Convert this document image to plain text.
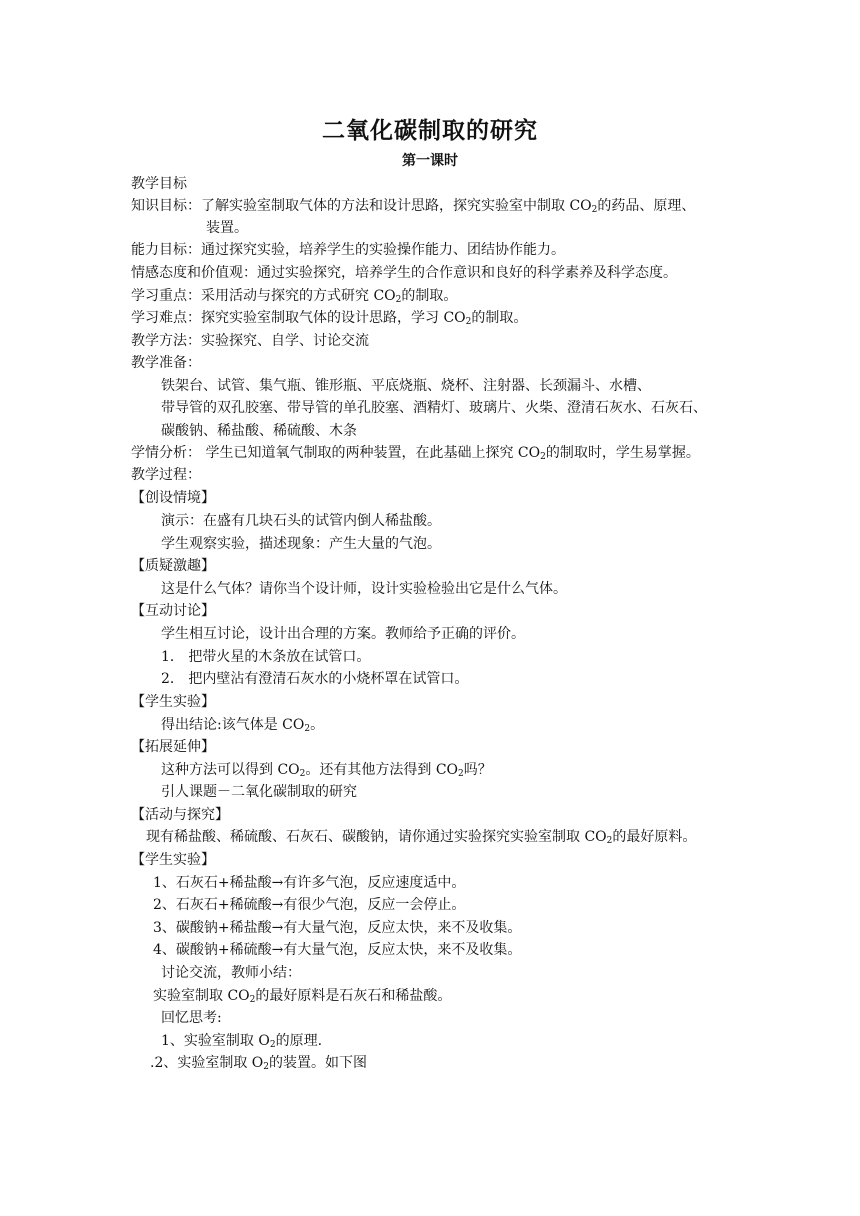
二氧化碳制取的研究
第一课时
教学目标
知识目标：了解实验室制取气体的方法和设计思路，探究实验室中制取 $CO_2$的药品、原理、
装置。
能力目标：通过探究实验，培养学生的实验操作能力、团结协作能力。
情感态度和价值观：通过实验探究，培养学生的合作意识和良好的科学素养及科学态度。
学习重点：采用活动与探究的方式研究 $CO_2$的制取。
学习难点：探究实验室制取气体的设计思路，学习 $CO_2$的制取。
教学方法：实验探究、自学、讨论交流
教学准备：
铁架台、试管、集气瓶、锥形瓶、平底烧瓶、烧杯、注射器、长颈漏斗、水槽、
带导管的双孔胶塞、带导管的单孔胶塞、酒精灯、玻璃片、火柴、澄清石灰水、石灰石、
碳酸钠、稀盐酸、稀硫酸、木条
学情分析： 学生已知道氧气制取的两种装置，在此基础上探究 $CO_2$的制取时，学生易掌握。
教学过程：
【创设情境】
演示：在盛有几块石头的试管内倒人稀盐酸。
学生观察实验，描述现象：产生大量的气泡。
【质疑激趣】
这是什么气体？请你当个设计师，设计实验检验出它是什么气体。
【互动讨论】
学生相互讨论，设计出合理的方案。教师给予正确的评价。
1． 把带火星的木条放在试管口。
2． 把内壁沾有澄清石灰水的小烧杯罩在试管口。
【学生实验】
得出结论:该气体是 $CO_2$。
【拓展延伸】
这种方法可以得到 $CO_2$。还有其他方法得到 $CO_2$吗？
引人课题－二氧化碳制取的研究
【活动与探究】
现有稀盐酸、稀硫酸、石灰石、碳酸钠，请你通过实验探究实验室制取 $CO_2$的最好原料。
【学生实验】
1、石灰石+稀盐酸→有许多气泡，反应速度适中。
2、石灰石+稀硫酸→有很少气泡，反应一会停止。
3、碳酸钠+稀盐酸→有大量气泡，反应太快，来不及收集。
4、碳酸钠+稀硫酸→有大量气泡，反应太快，来不及收集。
讨论交流，教师小结：
实验室制取 $CO_2$的最好原料是石灰石和稀盐酸。
回忆思考:
1、实验室制取 $O_2$的原理.
.2、实验室制取 $O_2$的装置。如下图
